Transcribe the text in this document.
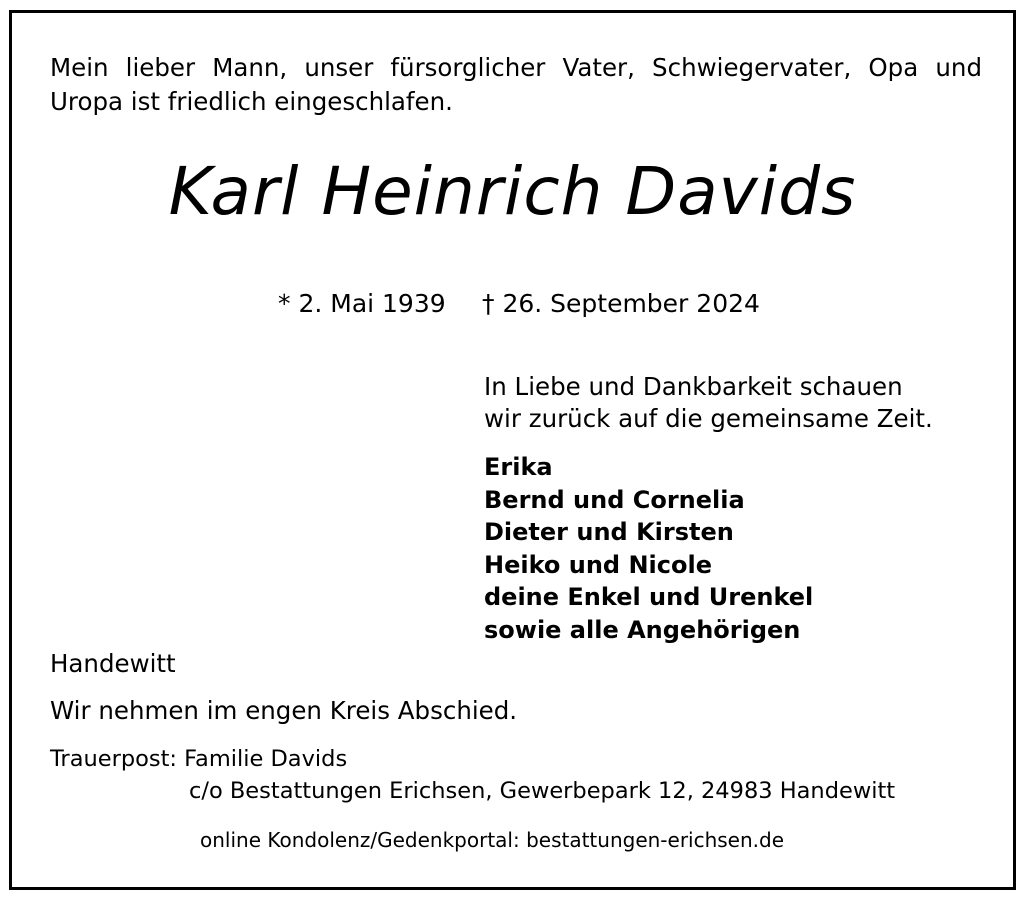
Mein lieber Mann, unser fürsorglicher Vater, Schwiegervater, Opa und Uropa ist friedlich eingeschlafen.
Karl Heinrich Davids
* 2. Mai 1939 † 26. September 2024
In Liebe und Dankbarkeit schauen
wir zurück auf die gemeinsame Zeit.
Erika
Bernd und Cornelia
Dieter und Kirsten
Heiko und Nicole
deine Enkel und Urenkel
sowie alle Angehörigen
Handewitt
Wir nehmen im engen Kreis Abschied.
Trauerpost: Familie Davids
c/o Bestattungen Erichsen, Gewerbepark 12, 24983 Handewitt
online Kondolenz/Gedenkportal: bestattungen-erichsen.de
